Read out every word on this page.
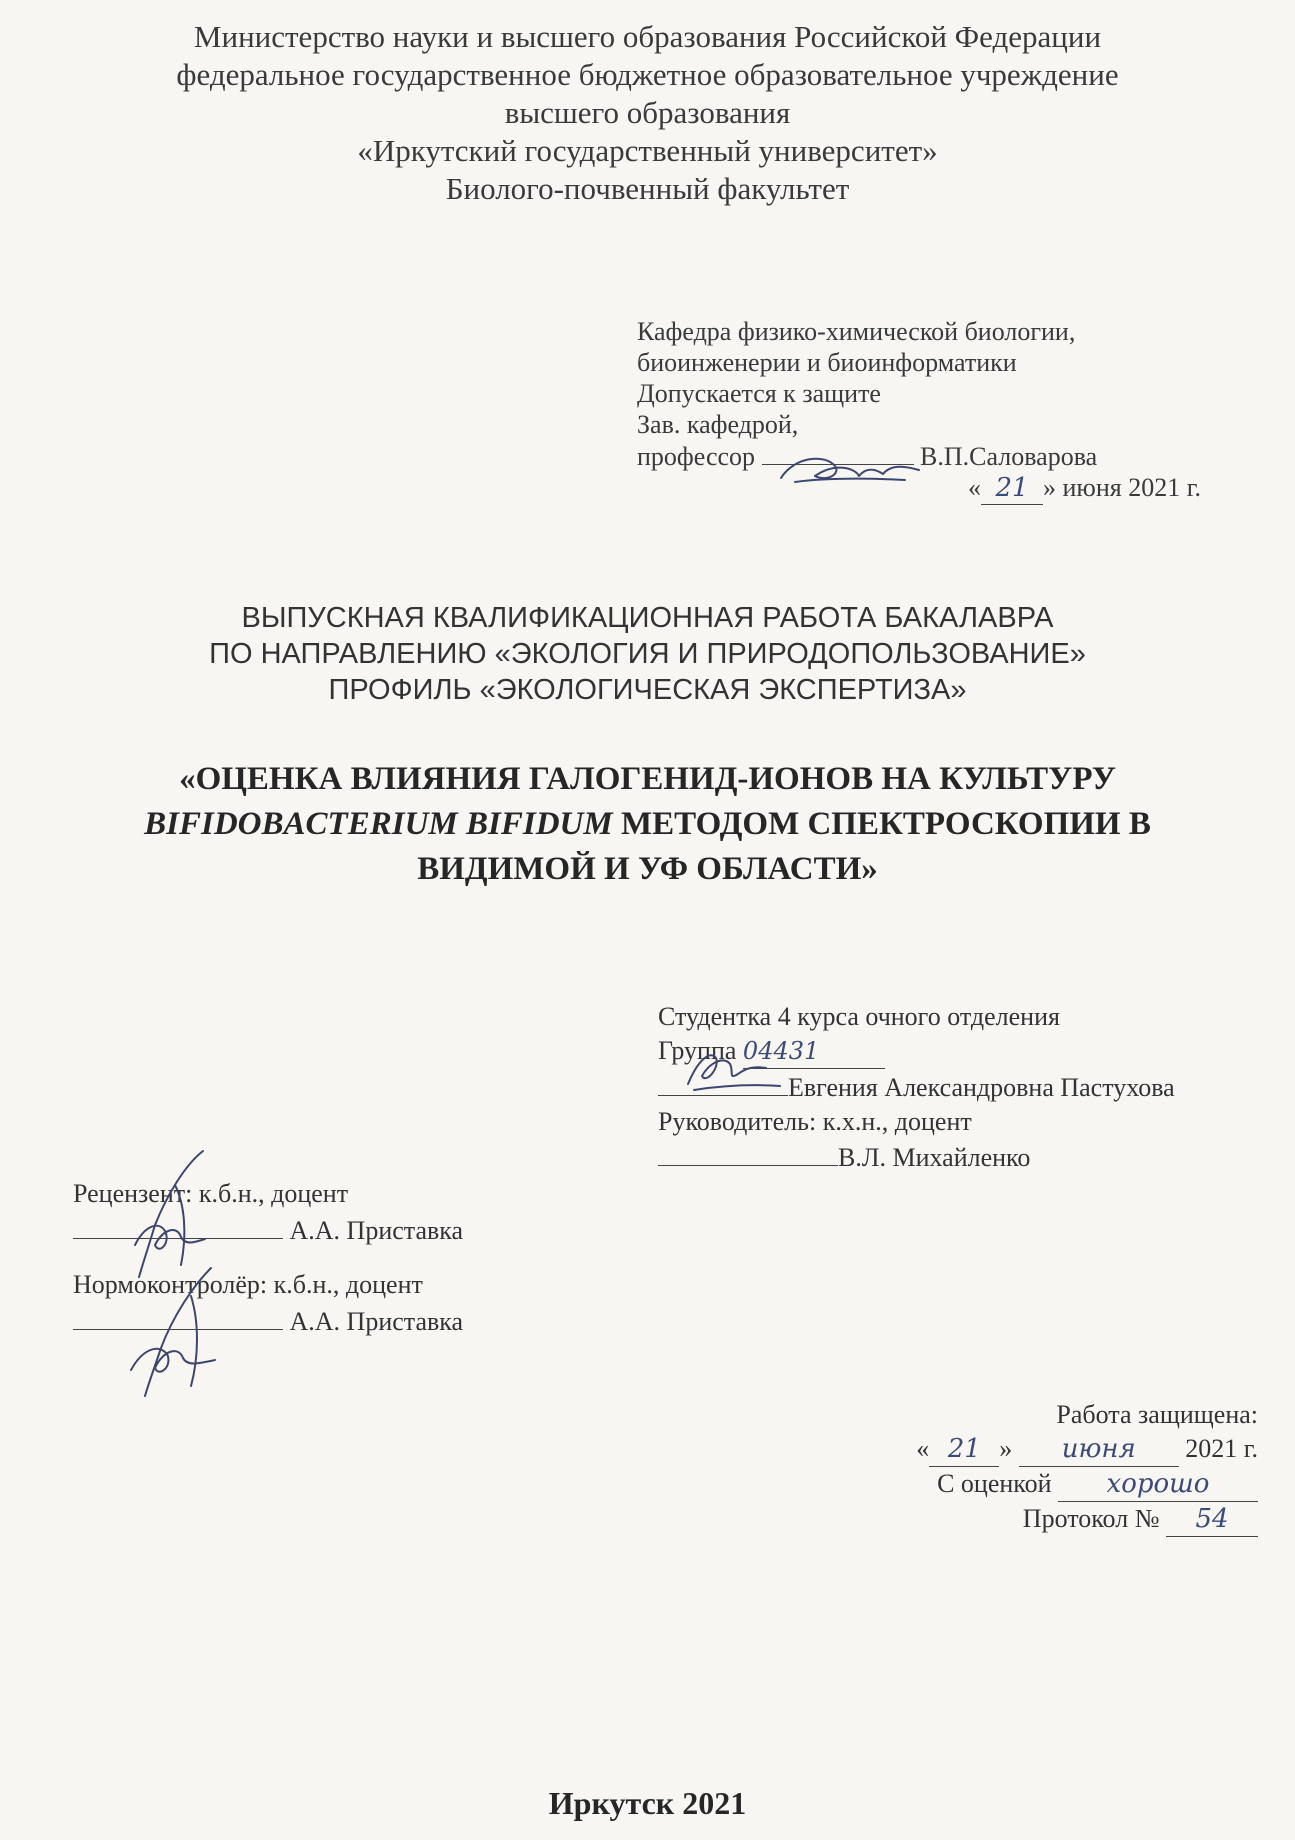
Министерство науки и высшего образования Российской Федерации
федеральное государственное бюджетное образовательное учреждение
высшего образования
«Иркутский государственный университет»
Биолого-почвенный факультет
Кафедра физико-химической биологии,
биоинженерии и биоинформатики
Допускается к защите
Зав. кафедрой,
профессор	В.П.Саловарова
« 21 » июня 2021 г.
ВЫПУСКНАЯ КВАЛИФИКАЦИОННАЯ РАБОТА БАКАЛАВРА
ПО НАПРАВЛЕНИЮ «ЭКОЛОГИЯ И ПРИРОДОПОЛЬЗОВАНИЕ»
ПРОФИЛЬ «ЭКОЛОГИЧЕСКАЯ ЭКСПЕРТИЗА»
«ОЦЕНКА ВЛИЯНИЯ ГАЛОГЕНИД-ИОНОВ НА КУЛЬТУРУ
BIFIDOBACTERIUM BIFIDUM МЕТОДОМ СПЕКТРОСКОПИИ В
ВИДИМОЙ И УФ ОБЛАСТИ»
Студентка 4 курса очного отделения
Группа 04431
Евгения Александровна Пастухова
Руководитель: к.х.н., доцент
В.Л. Михайленко
Рецензент: к.б.н., доцент
А.А. Приставка
Нормоконтролёр: к.б.н., доцент
А.А. Приставка
Работа защищена:
« 21 » июня 2021 г.
С оценкой хорошо
Протокол № 54
Иркутск 2021
